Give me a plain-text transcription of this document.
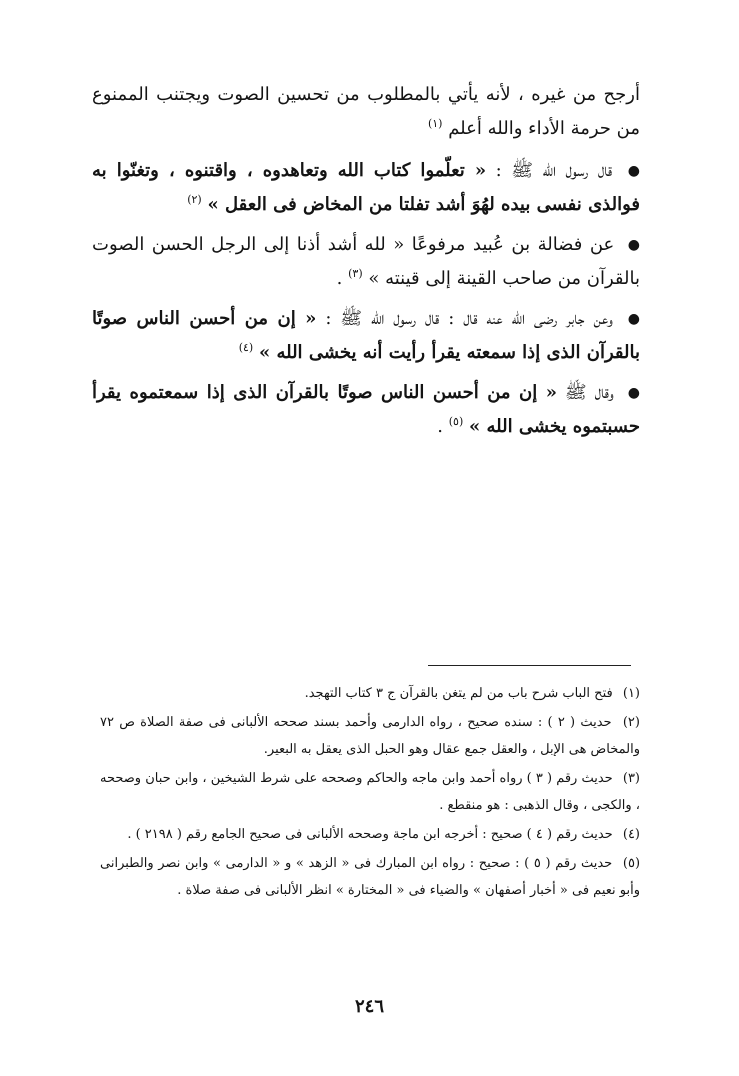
أرجح من غيره ، لأنه يأتي بالمطلوب من تحسين الصوت ويجتنب الممنوع من حرمة الأداء والله أعلم $^{(١)}$

● قال رسول الله ﷺ : « تعلّموا كتاب الله وتعاهدوه ، واقتنوه ، وتغنّوا به فوالذى نفسى بيده لهُوَ أشد تفلتا من المخاض فى العقل » $^{(٢)}$

● عن فضالة بن عُبيد مرفوعًا « لله أشد أذنا إلى الرجل الحسن الصوت بالقرآن من صاحب القينة إلى قينته » $^{(٣)}$ .

● وعن جابر رضى الله عنه قال : قال رسول الله ﷺ : « إن من أحسن الناس صوتًا بالقرآن الذى إذا سمعته يقرأ رأيت أنه يخشى الله » $^{(٤)}$

● وقال ﷺ « إن من أحسن الناس صوتًا بالقرآن الذى إذا سمعتموه يقرأ حسبتموه يخشى الله » $^{(٥)}$ .

(١) فتح الباب شرح باب من لم يتغن بالقرآن ج ٣ كتاب التهجد.

(٢) حديث ( ٢ ) : سنده صحيح ، رواه الدارمى وأحمد بسند صححه الألبانى فى صفة الصلاة ص ٧٢ والمخاض هى الإبل ، والعقل جمع عقال وهو الحبل الذى يعقل به البعير.

(٣) حديث رقم ( ٣ ) رواه أحمد وابن ماجه والحاكم وصححه على شرط الشيخين ، وابن حبان وصححه ، والكجى ، وقال الذهبى : هو منقطع .

(٤) حديث رقم ( ٤ ) صحيح : أخرجه ابن ماجة وصححه الألبانى فى صحيح الجامع رقم ( ٢١٩٨ ) .

(٥) حديث رقم ( ٥ ) : صحيح : رواه ابن المبارك فى « الزهد » و « الدارمى » وابن نصر والطبرانى وأبو نعيم فى « أخبار أصفهان » والضياء فى « المختارة » انظر الألبانى فى صفة صلاة .

٢٤٦
